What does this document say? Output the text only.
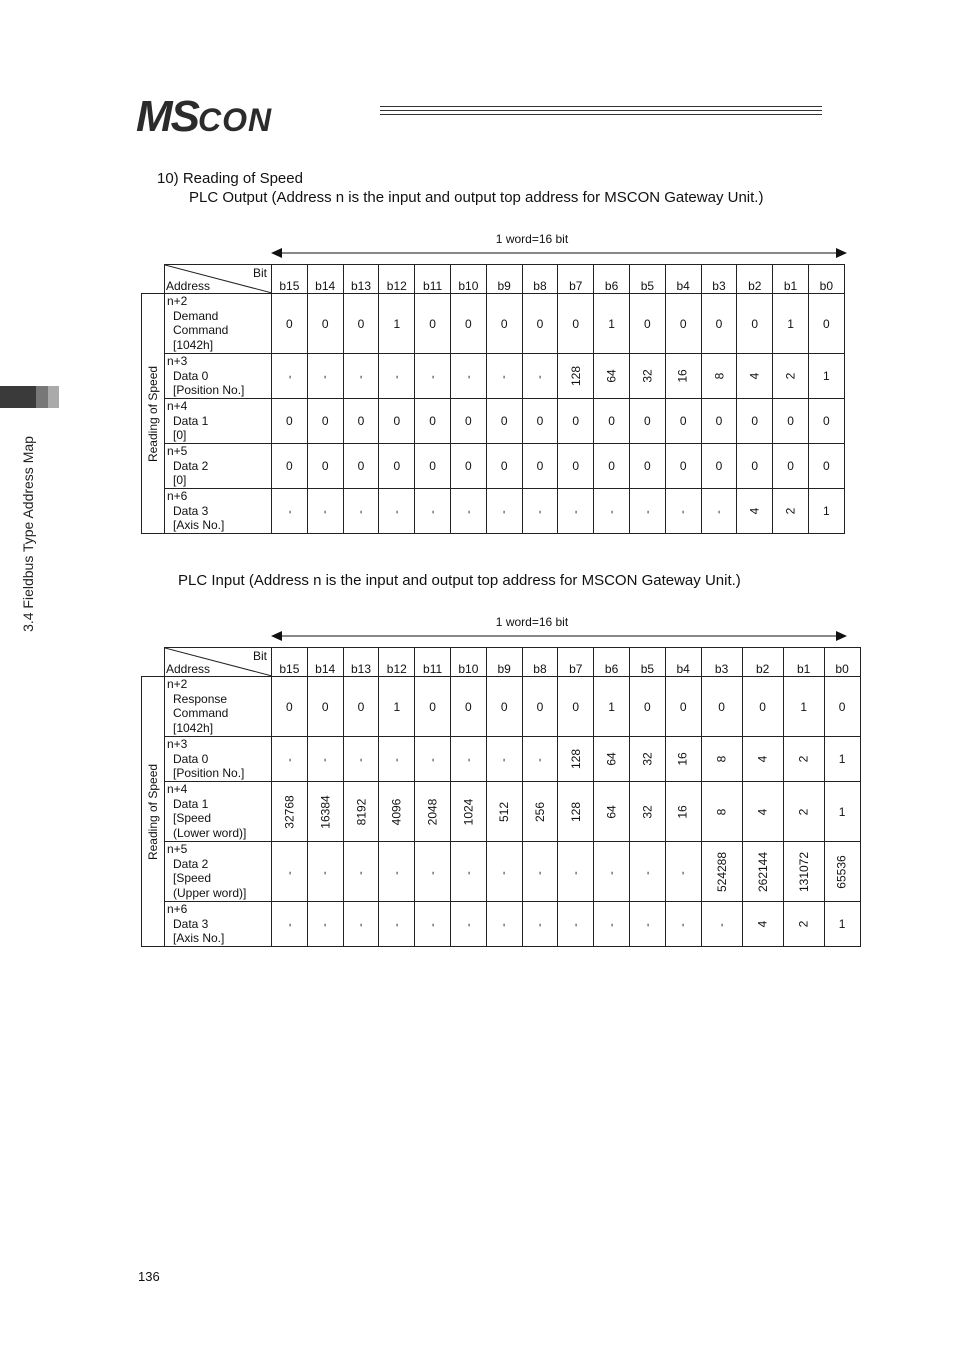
MSCON
3.4 Fieldbus Type Address Map
10) Reading of Speed
PLC Output (Address n is the input and output top address for MSCON Gateway Unit.)
1 word=16 bit

	Bit
Address	b15	b14	b13	b12	b11	b10	b9	b8	b7	b6	b5	b4	b3	b2	b1	b0

Reading of Speed	n+2
Demand
Command
[1042h]	0	0	0	1	0	0	0	0	0	1	0	0	0	0	1	0

	n+3
Data 0
[Position No.]	-	-	-	-	-	-	-	-	128	64	32	16	8	4	2	1

	n+4
Data 1
[0]	0	0	0	0	0	0	0	0	0	0	0	0	0	0	0	0

	n+5
Data 2
[0]	0	0	0	0	0	0	0	0	0	0	0	0	0	0	0	0

	n+6
Data 3
[Axis No.]	-	-	-	-	-	-	-	-	-	-	-	-	-	4	2	1
PLC Input (Address n is the input and output top address for MSCON Gateway Unit.)
1 word=16 bit

	Bit
Address	b15	b14	b13	b12	b11	b10	b9	b8	b7	b6	b5	b4	b3	b2	b1	b0

Reading of Speed	n+2
Response
Command
[1042h]	0	0	0	1	0	0	0	0	0	1	0	0	0	0	1	0

	n+3
Data 0
[Position No.]	-	-	-	-	-	-	-	-	128	64	32	16	8	4	2	1

	n+4
Data 1
[Speed
(Lower word)]	32768	16384	8192	4096	2048	1024	512	256	128	64	32	16	8	4	2	1

	n+5
Data 2
[Speed
(Upper word)]	-	-	-	-	-	-	-	-	-	-	-	-	524288	262144	131072	65536

	n+6
Data 3
[Axis No.]	-	-	-	-	-	-	-	-	-	-	-	-	-	4	2	1
136
